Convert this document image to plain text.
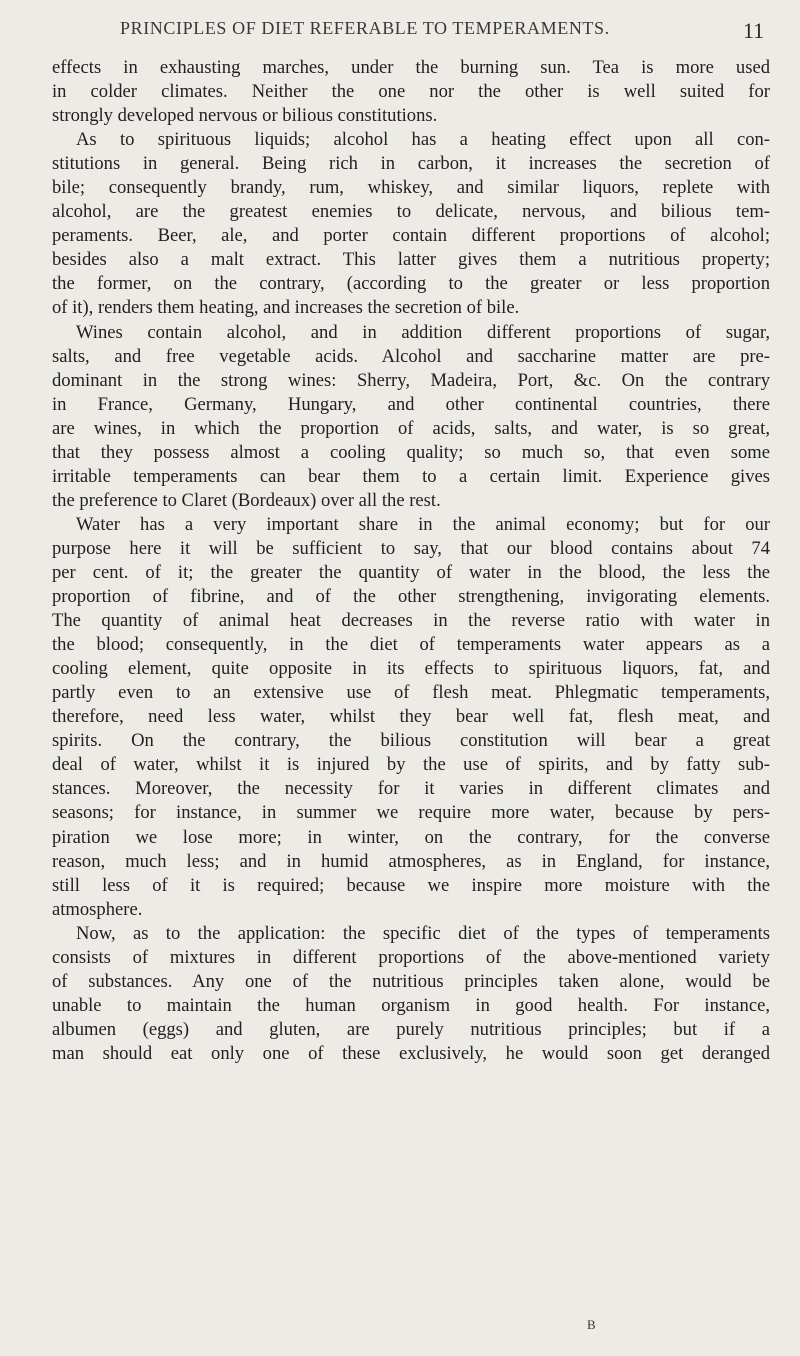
PRINCIPLES OF DIET REFERABLE TO TEMPERAMENTS.	11
effects in exhausting marches, under the burning sun. Tea is more used
in colder climates. Neither the one nor the other is well suited for
strongly developed nervous or bilious constitutions.
As to spirituous liquids; alcohol has a heating effect upon all con-
stitutions in general. Being rich in carbon, it increases the secretion of
bile; consequently brandy, rum, whiskey, and similar liquors, replete with
alcohol, are the greatest enemies to delicate, nervous, and bilious tem-
peraments. Beer, ale, and porter contain different proportions of alcohol;
besides also a malt extract. This latter gives them a nutritious property;
the former, on the contrary, (according to the greater or less proportion
of it), renders them heating, and increases the secretion of bile.
Wines contain alcohol, and in addition different proportions of sugar,
salts, and free vegetable acids. Alcohol and saccharine matter are pre-
dominant in the strong wines: Sherry, Madeira, Port, &c. On the contrary
in France, Germany, Hungary, and other continental countries, there
are wines, in which the proportion of acids, salts, and water, is so great,
that they possess almost a cooling quality; so much so, that even some
irritable temperaments can bear them to a certain limit. Experience gives
the preference to Claret (Bordeaux) over all the rest.
Water has a very important share in the animal economy; but for our
purpose here it will be sufficient to say, that our blood contains about 74
per cent. of it; the greater the quantity of water in the blood, the less the
proportion of fibrine, and of the other strengthening, invigorating elements.
The quantity of animal heat decreases in the reverse ratio with water in
the blood; consequently, in the diet of temperaments water appears as a
cooling element, quite opposite in its effects to spirituous liquors, fat, and
partly even to an extensive use of flesh meat. Phlegmatic temperaments,
therefore, need less water, whilst they bear well fat, flesh meat, and
spirits. On the contrary, the bilious constitution will bear a great
deal of water, whilst it is injured by the use of spirits, and by fatty sub-
stances. Moreover, the necessity for it varies in different climates and
seasons; for instance, in summer we require more water, because by pers-
piration we lose more; in winter, on the contrary, for the converse
reason, much less; and in humid atmospheres, as in England, for instance,
still less of it is required; because we inspire more moisture with the
atmosphere.
Now, as to the application: the specific diet of the types of temperaments
consists of mixtures in different proportions of the above-mentioned variety
of substances. Any one of the nutritious principles taken alone, would be
unable to maintain the human organism in good health. For instance,
albumen (eggs) and gluten, are purely nutritious principles; but if a
man should eat only one of these exclusively, he would soon get deranged
B
